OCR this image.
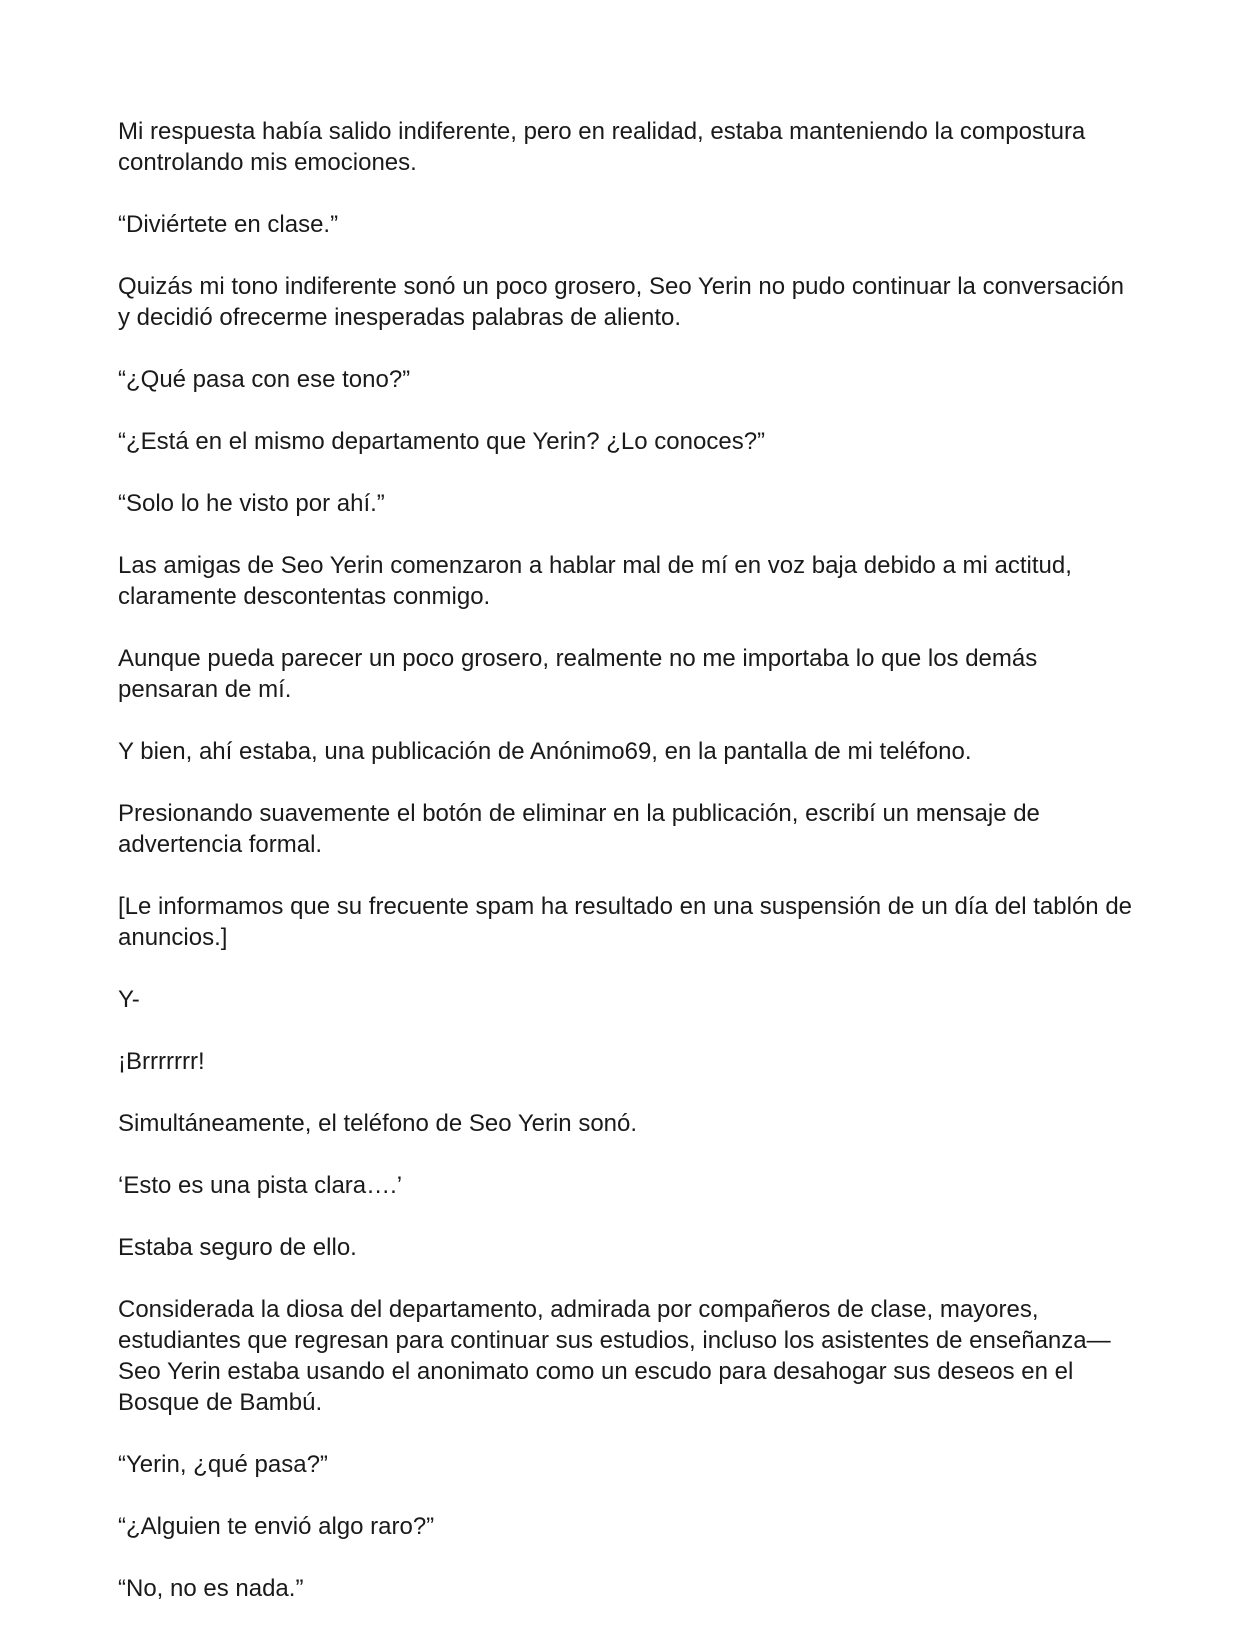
Mi respuesta había salido indiferente, pero en realidad, estaba manteniendo la compostura controlando mis emociones.

“Diviértete en clase.”

Quizás mi tono indiferente sonó un poco grosero, Seo Yerin no pudo continuar la conversación y decidió ofrecerme inesperadas palabras de aliento.

“¿Qué pasa con ese tono?”

“¿Está en el mismo departamento que Yerin? ¿Lo conoces?”

“Solo lo he visto por ahí.”

Las amigas de Seo Yerin comenzaron a hablar mal de mí en voz baja debido a mi actitud, claramente descontentas conmigo.

Aunque pueda parecer un poco grosero, realmente no me importaba lo que los demás pensaran de mí.

Y bien, ahí estaba, una publicación de Anónimo69, en la pantalla de mi teléfono.

Presionando suavemente el botón de eliminar en la publicación, escribí un mensaje de advertencia formal.

[Le informamos que su frecuente spam ha resultado en una suspensión de un día del tablón de anuncios.]

Y-

¡Brrrrrrr!

Simultáneamente, el teléfono de Seo Yerin sonó.

‘Esto es una pista clara….’

Estaba seguro de ello.

Considerada la diosa del departamento, admirada por compañeros de clase, mayores, estudiantes que regresan para continuar sus estudios, incluso los asistentes de enseñanza—Seo Yerin estaba usando el anonimato como un escudo para desahogar sus deseos en el Bosque de Bambú.

“Yerin, ¿qué pasa?”

“¿Alguien te envió algo raro?”

“No, no es nada.”
